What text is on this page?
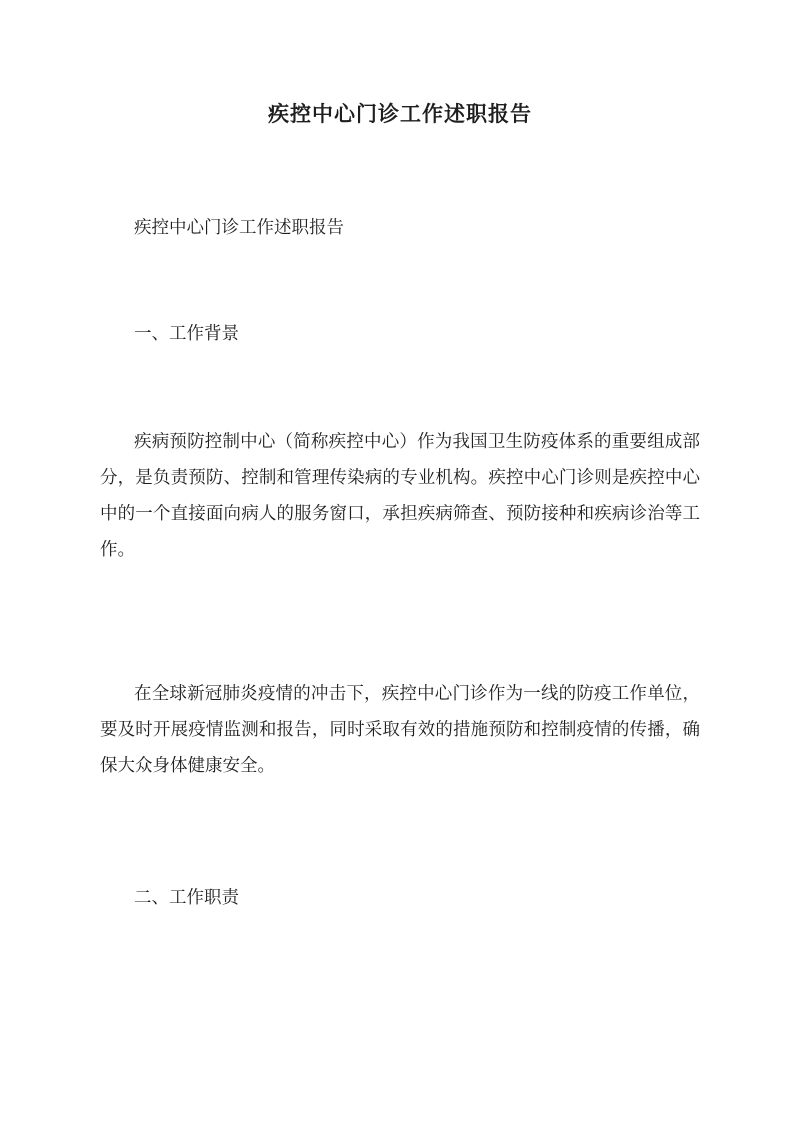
疾控中心门诊工作述职报告
疾控中心门诊工作述职报告
一、工作背景

疾病预防控制中心（简称疾控中心）作为我国卫生防疫体系的重要组成部分，是负责预防、控制和管理传染病的专业机构。疾控中心门诊则是疾控中心中的一个直接面向病人的服务窗口，承担疾病筛查、预防接种和疾病诊治等工作。

在全球新冠肺炎疫情的冲击下，疾控中心门诊作为一线的防疫工作单位，要及时开展疫情监测和报告，同时采取有效的措施预防和控制疫情的传播，确保大众身体健康安全。

二、工作职责
